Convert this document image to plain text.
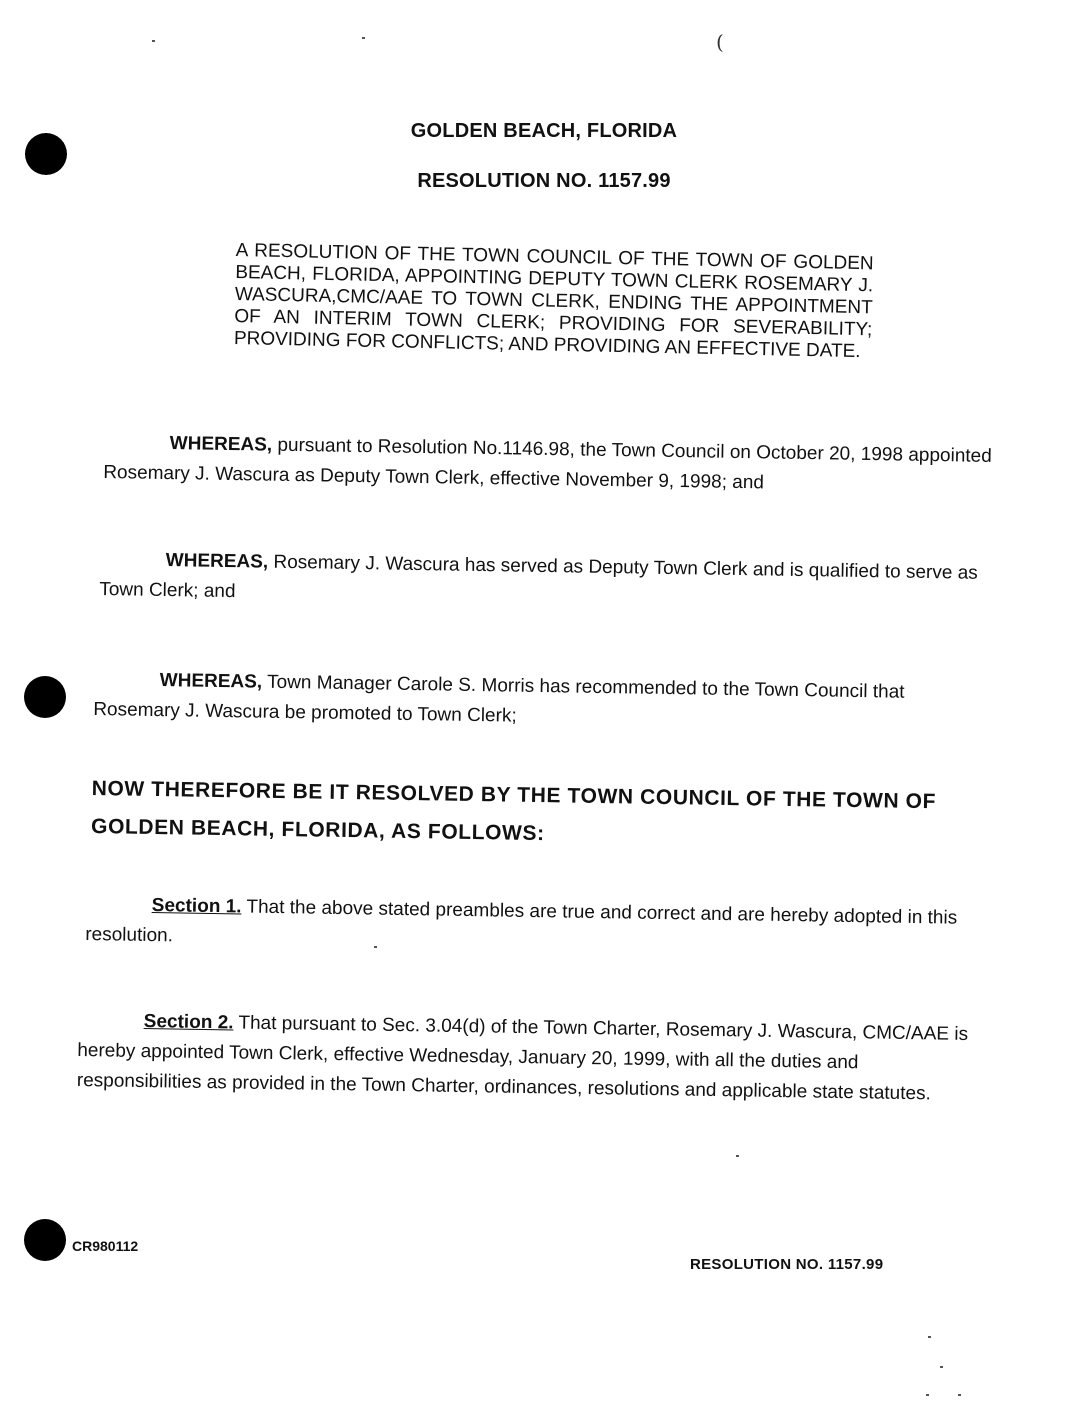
(
GOLDEN BEACH, FLORIDA
RESOLUTION NO. 1157.99
A RESOLUTION OF THE TOWN COUNCIL OF THE TOWN OF GOLDEN BEACH, FLORIDA, APPOINTING DEPUTY TOWN CLERK ROSEMARY J. WASCURA,CMC/AAE TO TOWN CLERK, ENDING THE APPOINTMENT OF AN INTERIM TOWN CLERK; PROVIDING FOR SEVERABILITY; PROVIDING FOR CONFLICTS; AND PROVIDING AN EFFECTIVE DATE.
WHEREAS, pursuant to Resolution No.1146.98, the Town Council on October 20, 1998 appointed Rosemary J. Wascura as Deputy Town Clerk, effective November 9, 1998; and
WHEREAS, Rosemary J. Wascura has served as Deputy Town Clerk and is qualified to serve as Town Clerk; and
WHEREAS, Town Manager Carole S. Morris has recommended to the Town Council that Rosemary J. Wascura be promoted to Town Clerk;
NOW THEREFORE BE IT RESOLVED BY THE TOWN COUNCIL OF THE TOWN OF GOLDEN BEACH, FLORIDA, AS FOLLOWS:
Section 1. That the above stated preambles are true and correct and are hereby adopted in this resolution.
Section 2. That pursuant to Sec. 3.04(d) of the Town Charter, Rosemary J. Wascura, CMC/AAE is hereby appointed Town Clerk, effective Wednesday, January 20, 1999, with all the duties and responsibilities as provided in the Town Charter, ordinances, resolutions and applicable state statutes.
CR980112
RESOLUTION NO. 1157.99
